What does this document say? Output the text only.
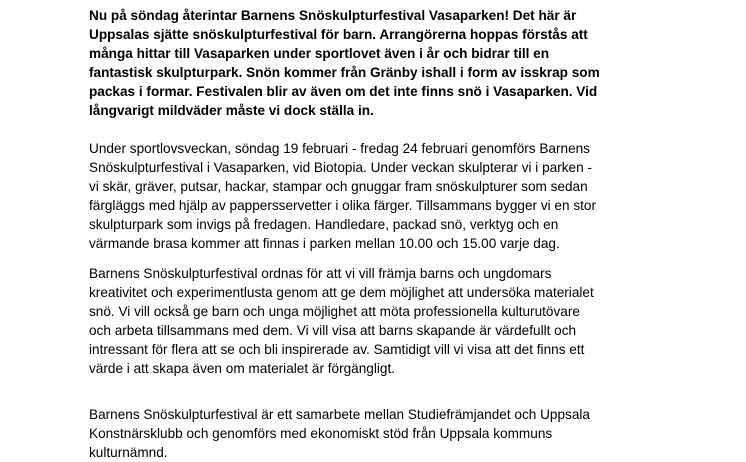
Nu på söndag återintar Barnens Snöskulpturfestival Vasaparken! Det här är
Uppsalas sjätte snöskulpturfestival för barn. Arrangörerna hoppas förstås att
många hittar till Vasaparken under sportlovet även i år och bidrar till en
fantastisk skulpturpark. Snön kommer från Gränby ishall i form av isskrap som
packas i formar. Festivalen blir av även om det inte finns snö i Vasaparken. Vid
långvarigt mildväder måste vi dock ställa in.

Under sportlovsveckan, söndag 19 februari - fredag 24 februari genomförs Barnens
Snöskulpturfestival i Vasaparken, vid Biotopia. Under veckan skulpterar vi i parken -
vi skär, gräver, putsar, hackar, stampar och gnuggar fram snöskulpturer som sedan
färgläggs med hjälp av pappersservetter i olika färger. Tillsammans bygger vi en stor
skulpturpark som invigs på fredagen. Handledare, packad snö, verktyg och en
värmande brasa kommer att finnas i parken mellan 10.00 och 15.00 varje dag.

Barnens Snöskulpturfestival ordnas för att vi vill främja barns och ungdomars
kreativitet och experimentlusta genom att ge dem möjlighet att undersöka materialet
snö. Vi vill också ge barn och unga möjlighet att möta professionella kulturutövare
och arbeta tillsammans med dem. Vi vill visa att barns skapande är värdefullt och
intressant för flera att se och bli inspirerade av. Samtidigt vill vi visa att det finns ett
värde i att skapa även om materialet är förgängligt.

Barnens Snöskulpturfestival är ett samarbete mellan Studiefrämjandet och Uppsala
Konstnärsklubb och genomförs med ekonomiskt stöd från Uppsala kommuns
kulturnämnd.
